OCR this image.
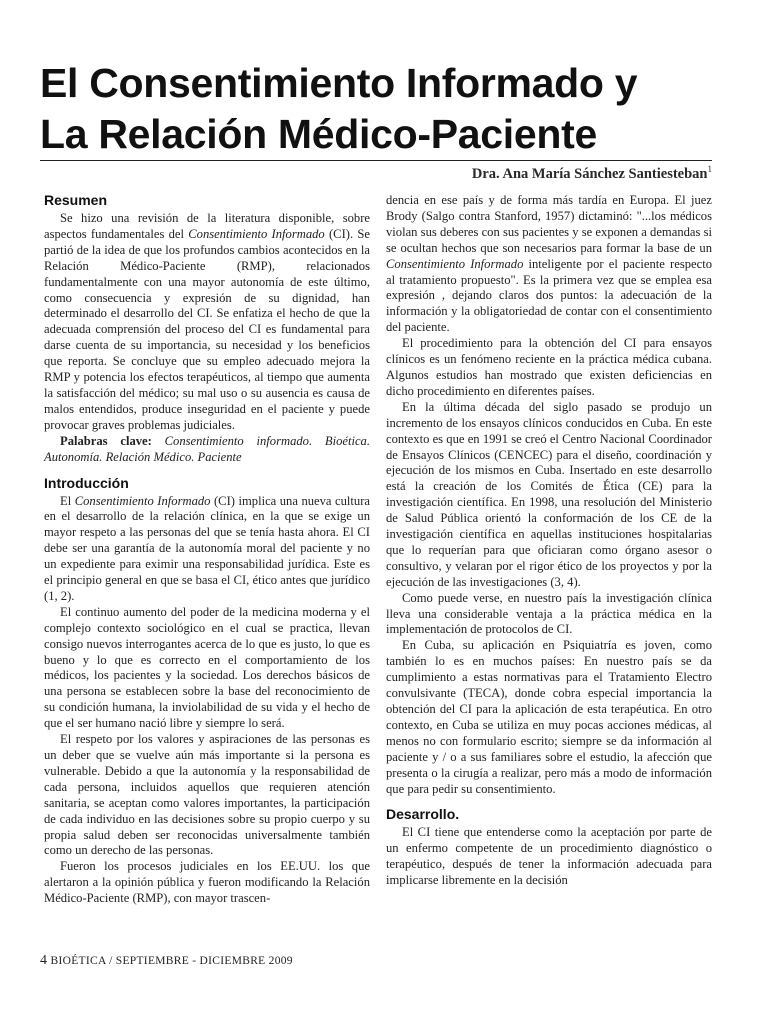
El Consentimiento Informado y
La Relación Médico-Paciente
Dra. Ana María Sánchez Santiesteban$^1$
Resumen

Se hizo una revisión de la literatura disponible, sobre aspectos fundamentales del Consentimiento Informado (CI). Se partió de la idea de que los profundos cambios acontecidos en la Relación Médico-Paciente (RMP), relacionados fundamentalmente con una mayor autonomía de este último, como consecuencia y expresión de su dignidad, han determinado el desarrollo del CI. Se enfatiza el hecho de que la adecuada comprensión del proceso del CI es fundamental para darse cuenta de su importancia, su necesidad y los beneficios que reporta. Se concluye que su empleo adecuado mejora la RMP y potencia los efectos terapéuticos, al tiempo que aumenta la satisfacción del médico; su mal uso o su ausencia es causa de malos entendidos, produce inseguridad en el paciente y puede provocar graves problemas judiciales.

Palabras clave: Consentimiento informado. Bioética. Autonomía. Relación Médico. Paciente

Introducción

El Consentimiento Informado (CI) implica una nueva cultura en el desarrollo de la relación clínica, en la que se exige un mayor respeto a las personas del que se tenía hasta ahora. El CI debe ser una garantía de la autonomía moral del paciente y no un expediente para eximir una responsabilidad jurídica. Este es el principio general en que se basa el CI, ético antes que jurídico (1, 2).

El continuo aumento del poder de la medicina moderna y el complejo contexto sociológico en el cual se practica, llevan consigo nuevos interrogantes acerca de lo que es justo, lo que es bueno y lo que es correcto en el comportamiento de los médicos, los pacientes y la sociedad. Los derechos básicos de una persona se establecen sobre la base del reconocimiento de su condición humana, la inviolabilidad de su vida y el hecho de que el ser humano nació libre y siempre lo será.

El respeto por los valores y aspiraciones de las personas es un deber que se vuelve aún más importante si la persona es vulnerable. Debido a que la autonomía y la responsabilidad de cada persona, incluidos aquellos que requieren atención sanitaria, se aceptan como valores importantes, la participación de cada individuo en las decisiones sobre su propio cuerpo y su propia salud deben ser reconocidas universalmente también como un derecho de las personas.

Fueron los procesos judiciales en los EE.UU. los que alertaron a la opinión pública y fueron modificando la Relación Médico-Paciente (RMP), con mayor trascen-

dencia en ese país y de forma más tardía en Europa. El juez Brody (Salgo contra Stanford, 1957) dictaminó: "...los médicos violan sus deberes con sus pacientes y se exponen a demandas si se ocultan hechos que son necesarios para formar la base de un Consentimiento Informado inteligente por el paciente respecto al tratamiento propuesto". Es la primera vez que se emplea esa expresión , dejando claros dos puntos: la adecuación de la información y la obligatoriedad de contar con el consentimiento del paciente.

El procedimiento para la obtención del CI para ensayos clínicos es un fenómeno reciente en la práctica médica cubana. Algunos estudios han mostrado que existen deficiencias en dicho procedimiento en diferentes países.

En la última década del siglo pasado se produjo un incremento de los ensayos clínicos conducidos en Cuba. En este contexto es que en 1991 se creó el Centro Nacional Coordinador de Ensayos Clínicos (CENCEC) para el diseño, coordinación y ejecución de los mismos en Cuba. Insertado en este desarrollo está la creación de los Comités de Ética (CE) para la investigación científica. En 1998, una resolución del Ministerio de Salud Pública orientó la conformación de los CE de la investigación científica en aquellas instituciones hospitalarias que lo requerían para que oficiaran como órgano asesor o consultivo, y velaran por el rigor ético de los proyectos y por la ejecución de las investigaciones (3, 4).

Como puede verse, en nuestro país la investigación clínica lleva una considerable ventaja a la práctica médica en la implementación de protocolos de CI.

En Cuba, su aplicación en Psiquiatría es joven, como también lo es en muchos países: En nuestro país se da cumplimiento a estas normativas para el Tratamiento Electro convulsivante (TECA), donde cobra especial importancia la obtención del CI para la aplicación de esta terapéutica. En otro contexto, en Cuba se utiliza en muy pocas acciones médicas, al menos no con formulario escrito; siempre se da información al paciente y / o a sus familiares sobre el estudio, la afección que presenta o la cirugía a realizar, pero más a modo de información que para pedir su consentimiento.

Desarrollo.

El CI tiene que entenderse como la aceptación por parte de un enfermo competente de un procedimiento diagnóstico o terapéutico, después de tener la información adecuada para implicarse libremente en la decisión

4 BIOÉTICA / SEPTIEMBRE - DICIEMBRE 2009
